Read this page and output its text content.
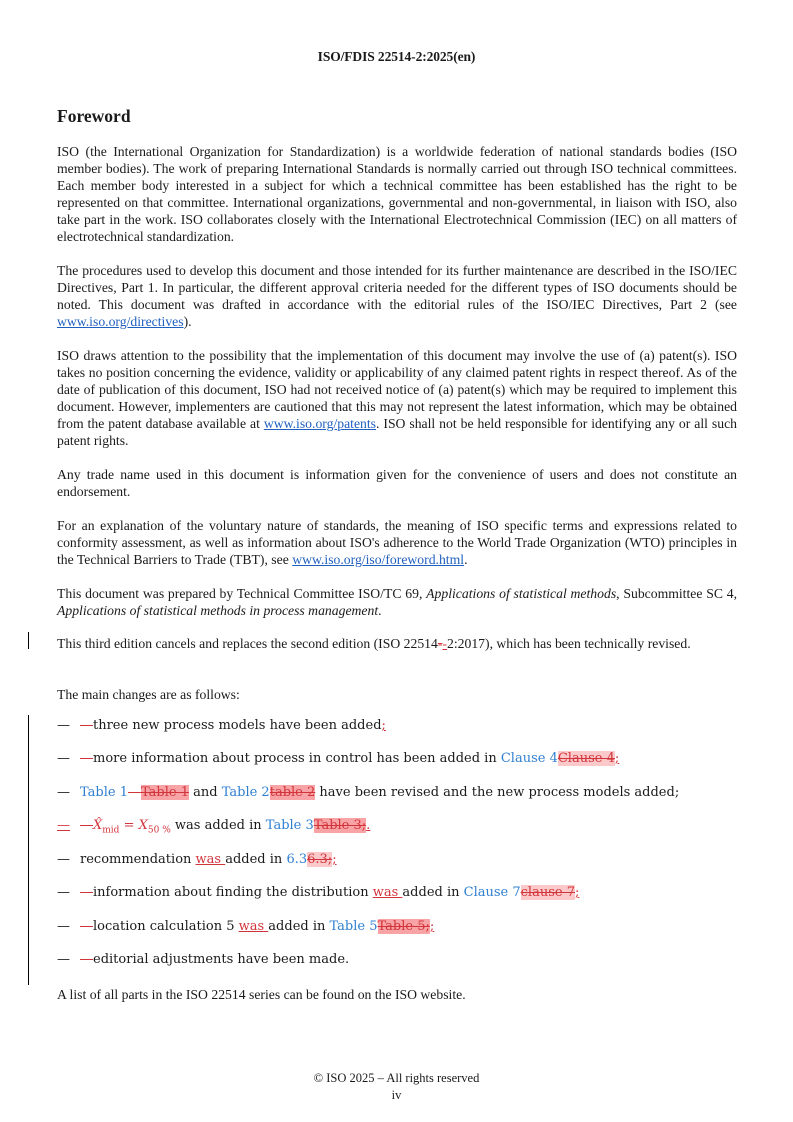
ISO/FDIS 22514-2:2025(en)
Foreword

ISO (the International Organization for Standardization) is a worldwide federation of national standards bodies (ISO member bodies). The work of preparing International Standards is normally carried out through ISO technical committees. Each member body interested in a subject for which a technical committee has been established has the right to be represented on that committee. International organizations, governmental and non-governmental, in liaison with ISO, also take part in the work. ISO collaborates closely with the International Electrotechnical Commission (IEC) on all matters of electrotechnical standardization.

The procedures used to develop this document and those intended for its further maintenance are described in the ISO/IEC Directives, Part 1. In particular, the different approval criteria needed for the different types of ISO documents should be noted. This document was drafted in accordance with the editorial rules of the ISO/IEC Directives, Part 2 (see www.iso.org/directives).

ISO draws attention to the possibility that the implementation of this document may involve the use of (a) patent(s). ISO takes no position concerning the evidence, validity or applicability of any claimed patent rights in respect thereof. As of the date of publication of this document, ISO had not received notice of (a) patent(s) which may be required to implement this document. However, implementers are cautioned that this may not represent the latest information, which may be obtained from the patent database available at www.iso.org/patents. ISO shall not be held responsible for identifying any or all such patent rights.

Any trade name used in this document is information given for the convenience of users and does not constitute an endorsement.

For an explanation of the voluntary nature of standards, the meaning of ISO specific terms and expressions related to conformity assessment, as well as information about ISO's adherence to the World Trade Organization (WTO) principles in the Technical Barriers to Trade (TBT), see www.iso.org/iso/foreword.html.

This document was prepared by Technical Committee ISO/TC 69, Applications of statistical methods, Subcommittee SC 4, Applications of statistical methods in process management.

This third edition cancels and replaces the second edition (ISO 22514--2:2017), which has been technically revised.

The main changes are as follows:

— —three new process models have been added;
— —more information about process in control has been added in Clause 4Clause 4;
— Table 1—Table 1 and Table 2table 2 have been revised and the new process models added;
— $—X̂_{mid} = X_{50 \%}$ was added in Table 3Table 3;.
— recommendation was added in 6.36.3;;
— —information about finding the distribution was added in Clause 7clause 7;
— —location calculation 5 was added in Table 5Table 5;;
— —editorial adjustments have been made.

A list of all parts in the ISO 22514 series can be found on the ISO website.

© ISO 2025 – All rights reserved
iv
